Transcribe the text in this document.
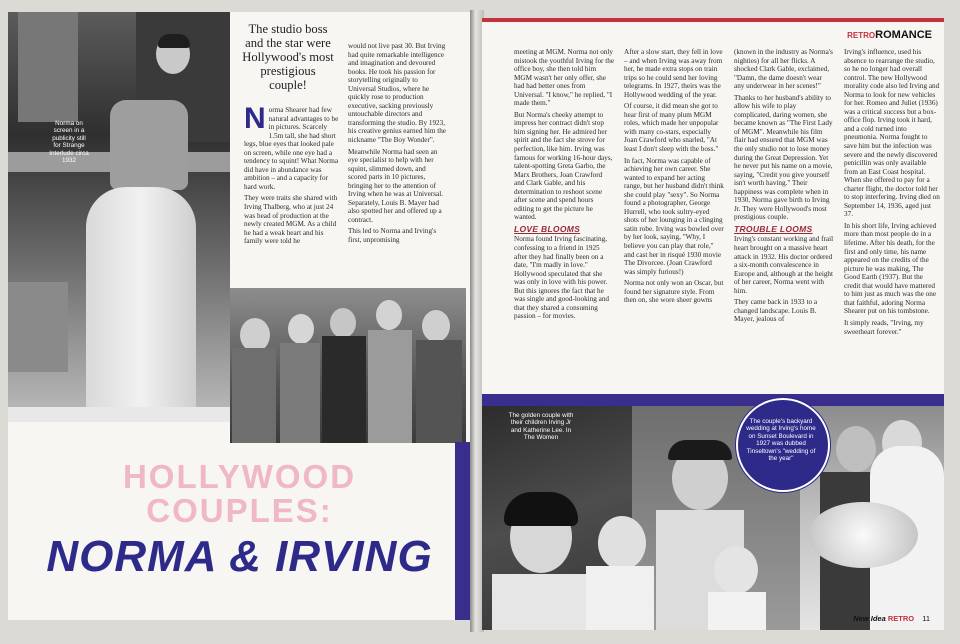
Norma on screen in a publicity still for Strange Interlude circa 1932
The studio boss and the star were Hollywood's most prestigious couple!
N orma Shearer had few natural advantages to be in pictures. Scarcely 1.5m tall, she had short legs, blue eyes that looked pale on screen, while one eye had a tendency to squint! What Norma did have in abundance was ambition – and a capacity for hard work.

They were traits she shared with Irving Thalberg, who at just 24 was head of production at the newly created MGM. As a child he had a weak heart and his family were told he

would not live past 30. But Irving had quite remarkable intelligence and imagination and devoured books. He took his passion for storytelling originally to Universal Studios, where he quickly rose to production executive, sacking previously untouchable directors and transforming the studio. By 1923, his creative genius earned him the nickname "The Boy Wonder".

Meanwhile Norma had seen an eye specialist to help with her squint, slimmed down, and scored parts in 10 pictures, bringing her to the attention of Irving when he was at Universal. Separately, Louis B. Mayer had also spotted her and offered up a contract.

This led to Norma and Irving's first, unpromising

HOLLYWOOD
COUPLES:
NORMA & IRVING
RETROROMANCE

meeting at MGM. Norma not only mistook the youthful Irving for the office boy, she then told him MGM wasn't her only offer, she had had better ones from Universal. "I know," he replied, "I made them."

But Norma's cheeky attempt to impress her contract didn't stop him signing her. He admired her spirit and the fact she strove for perfection, like him. Irving was famous for working 16-hour days, talent-spotting Greta Garbo, the Marx Brothers, Joan Crawford and Clark Gable, and his determination to reshoot scene after scene and spend hours editing to get the picture he wanted.

LOVE BLOOMS

Norma found Irving fascinating, confessing to a friend in 1925 after they had finally been on a date, "I'm madly in love." Hollywood speculated that she was only in love with his power. But this ignores the fact that he was single and good-looking and that they shared a consuming passion – for movies.

After a slow start, they fell in love – and when Irving was away from her, he made extra stops on train trips so he could send her loving telegrams. In 1927, theirs was the Hollywood wedding of the year.

Of course, it did mean she got to hear first of many plum MGM roles, which made her unpopular with many co-stars, especially Joan Crawford who snarled, "At least I don't sleep with the boss."

In fact, Norma was capable of achieving her own career. She wanted to expand her acting range, but her husband didn't think she could play "sexy". So Norma found a photographer, George Hurrell, who took sultry-eyed shots of her lounging in a clinging satin robe. Irving was bowled over by her look, saying, "Why, I believe you can play that role," and cast her in risqué 1930 movie The Divorcee. (Joan Crawford was simply furious!)

Norma not only won an Oscar, but found her signature style. From then on, she wore sheer gowns

(known in the industry as Norma's nighties) for all her flicks. A shocked Clark Gable, exclaimed, "Damn, the dame doesn't wear any underwear in her scenes!"

Thanks to her husband's ability to allow his wife to play complicated, daring women, she became known as "The First Lady of MGM". Meanwhile his film flair had ensured that MGM was the only studio not to lose money during the Great Depression. Yet he never put his name on a movie, saying, "Credit you give yourself isn't worth having." Their happiness was complete when in 1930, Norma gave birth to Irving Jr. They were Hollywood's most prestigious couple.

TROUBLE LOOMS

Irving's constant working and frail heart brought on a massive heart attack in 1932. His doctor ordered a six-month convalescence in Europe and, although at the height of her career, Norma went with him.

They came back in 1933 to a changed landscape. Louis B. Mayer, jealous of

Irving's influence, used his absence to rearrange the studio, so he no longer had overall control. The new Hollywood morality code also led Irving and Norma to look for new vehicles for her. Romeo and Juliet (1936) was a critical success but a box-office flop. Irving took it hard, and a cold turned into pneumonia. Norma fought to save him but the infection was severe and the newly discovered penicillin was only available from an East Coast hospital. When she offered to pay for a charter flight, the doctor told her to stop interfering. Irving died on September 14, 1936, aged just 37.

In his short life, Irving achieved more than most people do in a lifetime. After his death, for the first and only time, his name appeared on the credits of the picture he was making, The Good Earth (1937). But the credit that would have mattered to him just as much was the one that faithful, adoring Norma Shearer put on his tombstone.

It simply reads, "Irving, my sweetheart forever."

The golden couple with their children Irving Jr and Katherine Lee. In The Women
The couple's backyard wedding at Irving's home on Sunset Boulevard in 1927 was dubbed Tinseltown's "wedding of the year"
New Idea RETRO 11
